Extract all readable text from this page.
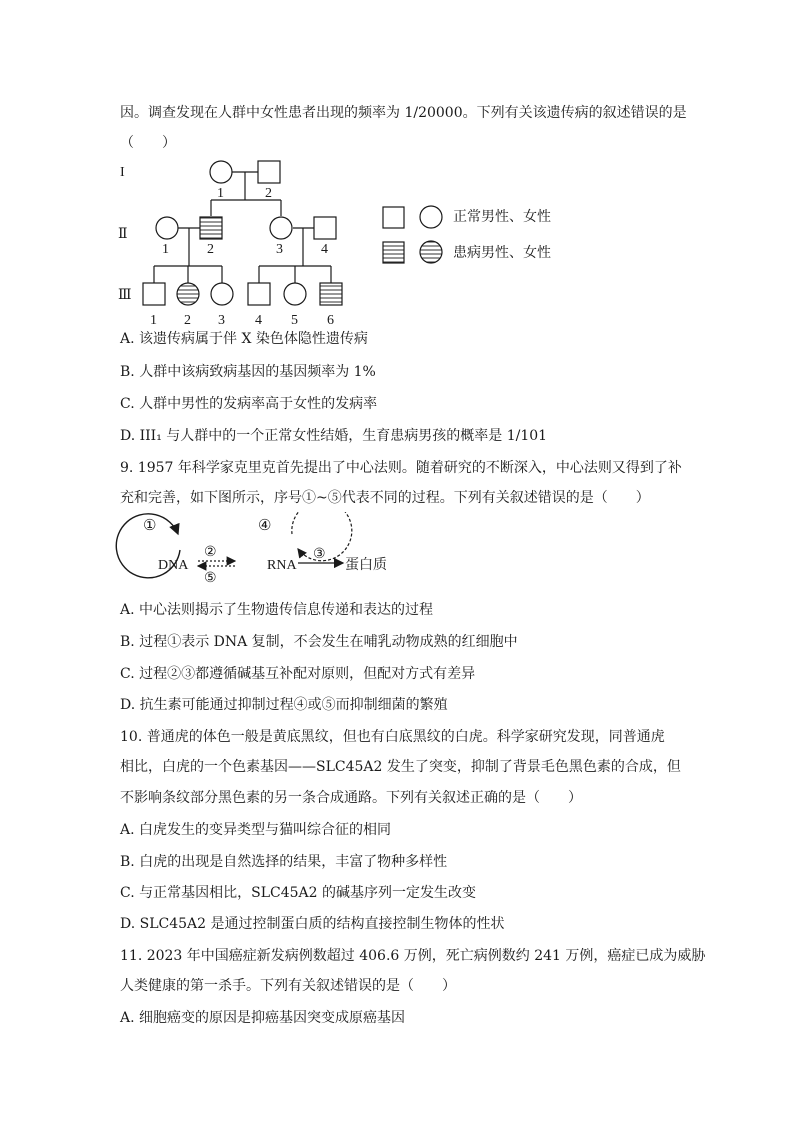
因。调查发现在人群中女性患者出现的频率为 1/20000。下列有关该遗传病的叙述错误的是
（　　）
I
Ⅱ
Ⅲ
1	2
1	2	3	4
1 2 3 4 5 6
正常男性、女性
患病男性、女性
A. 该遗传病属于伴 X 染色体隐性遗传病
B. 人群中该病致病基因的基因频率为 1%
C. 人群中男性的发病率高于女性的发病率
D. III₁ 与人群中的一个正常女性结婚，生育患病男孩的概率是 1/101
9. 1957 年科学家克里克首先提出了中心法则。随着研究的不断深入，中心法则又得到了补
充和完善，如下图所示，序号①~⑤代表不同的过程。下列有关叙述错误的是（　　）
DNA	RNA	蛋白质
①
②
⑤
④
③
A. 中心法则揭示了生物遗传信息传递和表达的过程
B. 过程①表示 DNA 复制，不会发生在哺乳动物成熟的红细胞中
C. 过程②③都遵循碱基互补配对原则，但配对方式有差异
D. 抗生素可能通过抑制过程④或⑤而抑制细菌的繁殖
10. 普通虎的体色一般是黄底黑纹，但也有白底黑纹的白虎。科学家研究发现，同普通虎
相比，白虎的一个色素基因——SLC45A2 发生了突变，抑制了背景毛色黑色素的合成，但
不影响条纹部分黑色素的另一条合成通路。下列有关叙述正确的是（　　）
A. 白虎发生的变异类型与猫叫综合征的相同
B. 白虎的出现是自然选择的结果，丰富了物种多样性
C. 与正常基因相比，SLC45A2 的碱基序列一定发生改变
D. SLC45A2 是通过控制蛋白质的结构直接控制生物体的性状
11. 2023 年中国癌症新发病例数超过 406.6 万例，死亡病例数约 241 万例，癌症已成为威胁
人类健康的第一杀手。下列有关叙述错误的是（　　）
A. 细胞癌变的原因是抑癌基因突变成原癌基因
